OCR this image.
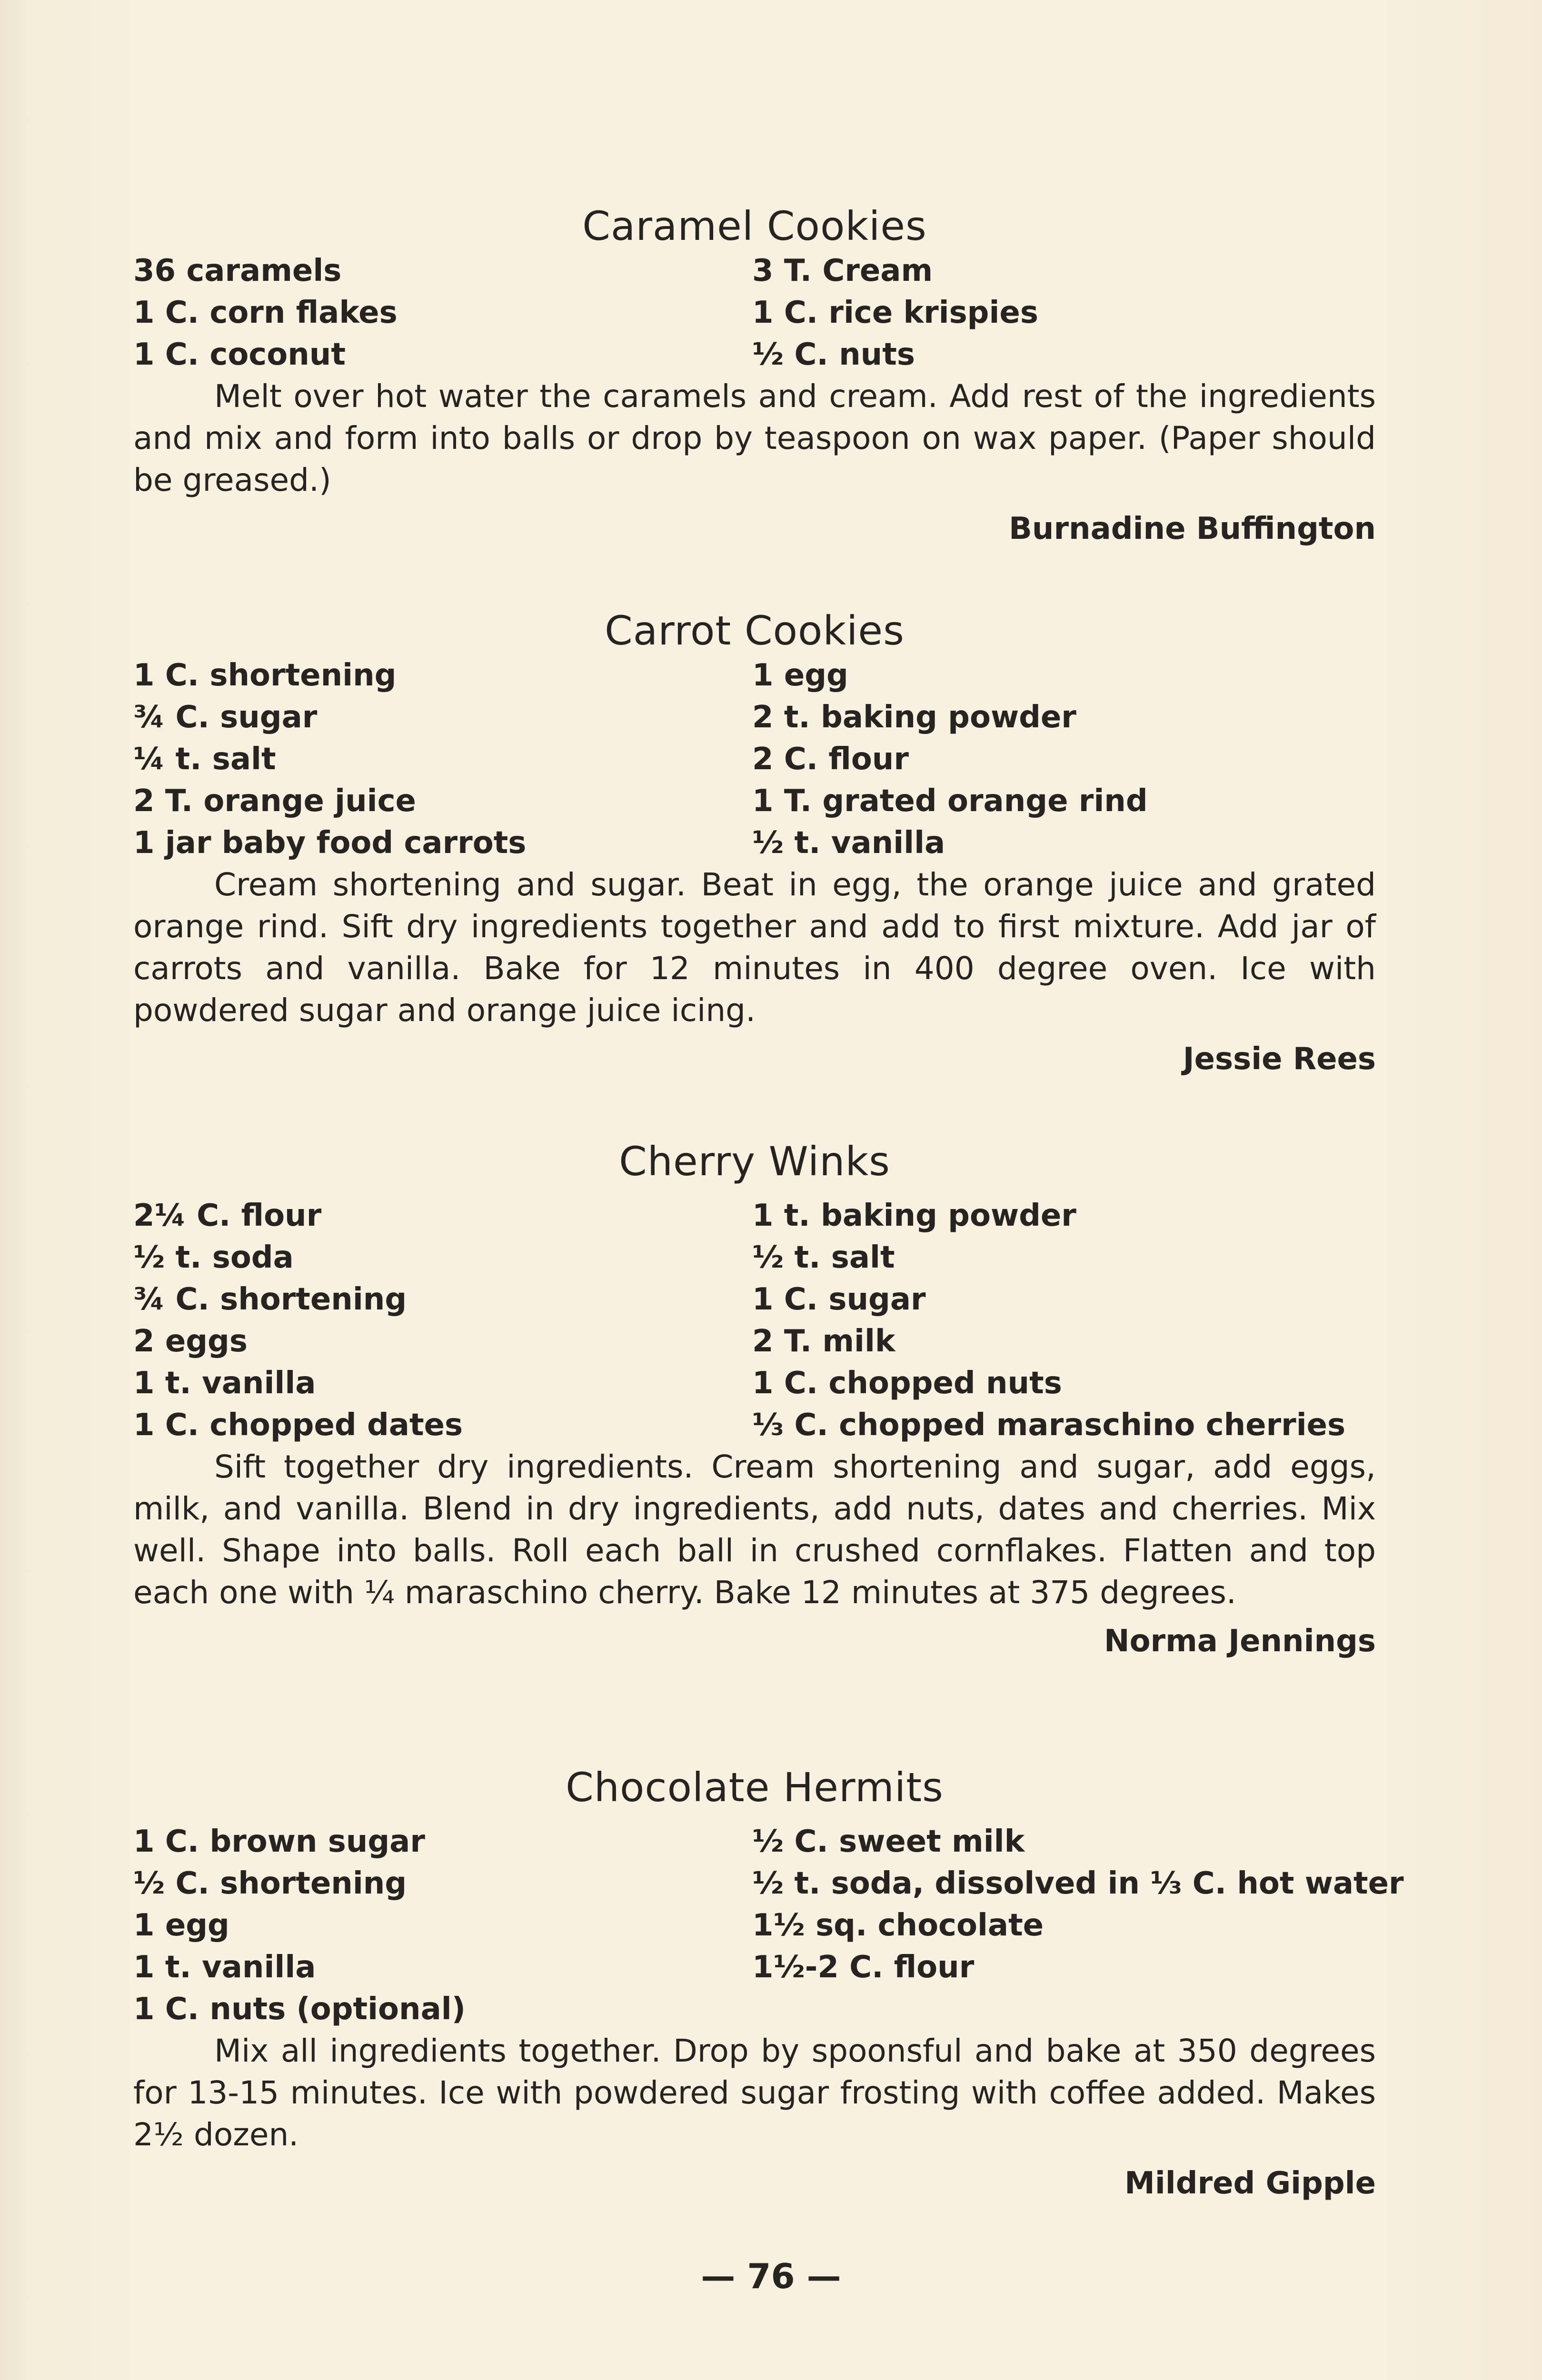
Caramel Cookies
36 caramels	3 T. Cream
1 C. corn flakes	1 C. rice krispies
1 C. coconut	½ C. nuts

Melt over hot water the caramels and cream. Add rest of the ingredients and mix and form into balls or drop by teaspoon on wax paper. (Paper should be greased.)

Burnadine Buffington
Carrot Cookies
1 C. shortening	1 egg
¾ C. sugar	2 t. baking powder
¼ t. salt	2 C. flour
2 T. orange juice	1 T. grated orange rind
1 jar baby food carrots	½ t. vanilla

Cream shortening and sugar. Beat in egg, the orange juice and grated orange rind. Sift dry ingredients together and add to first mixture. Add jar of carrots and vanilla. Bake for 12 minutes in 400 degree oven. Ice with powdered sugar and orange juice icing.

Jessie Rees
Cherry Winks
2¼ C. flour	1 t. baking powder
½ t. soda	½ t. salt
¾ C. shortening	1 C. sugar
2 eggs	2 T. milk
1 t. vanilla	1 C. chopped nuts
1 C. chopped dates	⅓ C. chopped maraschino cherries

Sift together dry ingredients. Cream shortening and sugar, add eggs, milk, and vanilla. Blend in dry ingredients, add nuts, dates and cherries. Mix well. Shape into balls. Roll each ball in crushed cornflakes. Flatten and top each one with ¼ maraschino cherry. Bake 12 minutes at 375 degrees.

Norma Jennings
Chocolate Hermits
1 C. brown sugar	½ C. sweet milk
½ C. shortening	½ t. soda, dissolved in ⅓ C. hot water
1 egg	1½ sq. chocolate
1 t. vanilla	1½-2 C. flour
1 C. nuts (optional)

Mix all ingredients together. Drop by spoonsful and bake at 350 degrees for 13-15 minutes. Ice with powdered sugar frosting with coffee added. Makes 2½ dozen.

Mildred Gipple
— 76 —
